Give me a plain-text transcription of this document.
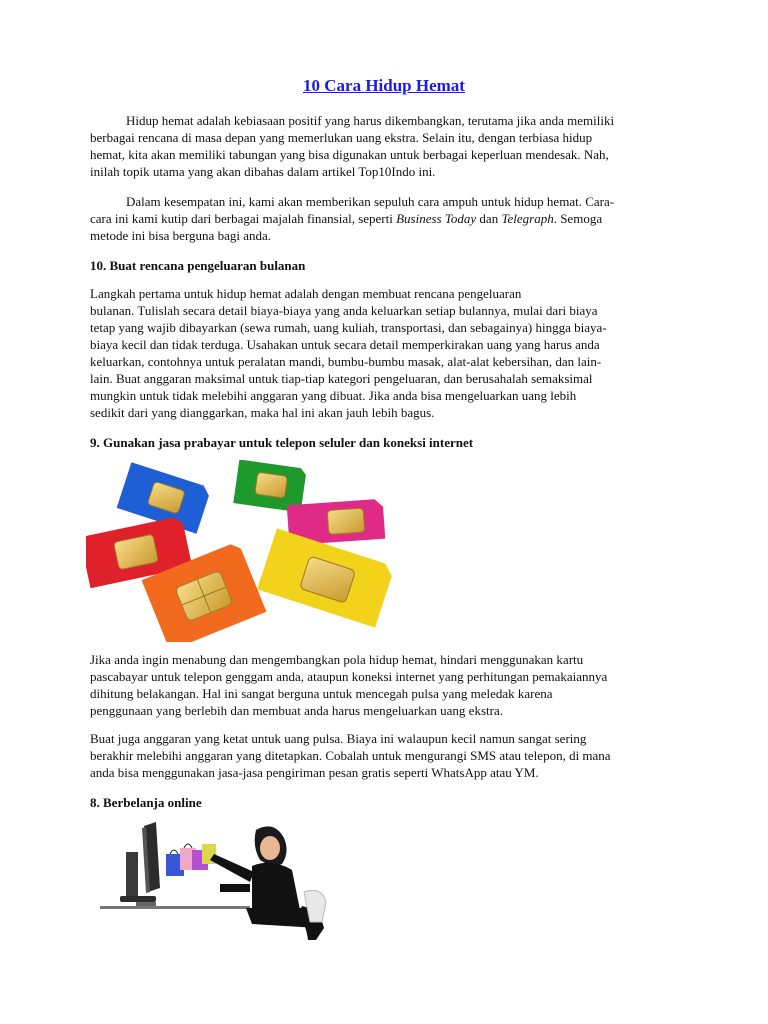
10 Cara Hidup Hemat
Hidup hemat adalah kebiasaan positif yang harus dikembangkan, terutama jika anda memiliki
berbagai rencana di masa depan yang memerlukan uang ekstra. Selain itu, dengan terbiasa hidup
hemat, kita akan memiliki tabungan yang bisa digunakan untuk berbagai keperluan mendesak. Nah,
inilah topik utama yang akan dibahas dalam artikel Top10Indo ini.
Dalam kesempatan ini, kami akan memberikan sepuluh cara ampuh untuk hidup hemat. Cara-
cara ini kami kutip dari berbagai majalah finansial, seperti Business Today dan Telegraph. Semoga
metode ini bisa berguna bagi anda.
10. Buat rencana pengeluaran bulanan
Langkah pertama untuk hidup hemat adalah dengan membuat rencana pengeluaran
bulanan. Tulislah secara detail biaya-biaya yang anda keluarkan setiap bulannya, mulai dari biaya
tetap yang wajib dibayarkan (sewa rumah, uang kuliah, transportasi, dan sebagainya) hingga biaya-
biaya kecil dan tidak terduga. Usahakan untuk secara detail memperkirakan uang yang harus anda
keluarkan, contohnya untuk peralatan mandi, bumbu-bumbu masak, alat-alat kebersihan, dan lain-
lain. Buat anggaran maksimal untuk tiap-tiap kategori pengeluaran, dan berusahalah semaksimal
mungkin untuk tidak melebihi anggaran yang dibuat. Jika anda bisa mengeluarkan uang lebih
sedikit dari yang dianggarkan, maka hal ini akan jauh lebih bagus.
9. Gunakan jasa prabayar untuk telepon seluler dan koneksi internet
Jika anda ingin menabung dan mengembangkan pola hidup hemat, hindari menggunakan kartu
pascabayar untuk telepon genggam anda, ataupun koneksi internet yang perhitungan pemakaiannya
dihitung belakangan. Hal ini sangat berguna untuk mencegah pulsa yang meledak karena
penggunaan yang berlebih dan membuat anda harus mengeluarkan uang ekstra.
Buat juga anggaran yang ketat untuk uang pulsa. Biaya ini walaupun kecil namun sangat sering
berakhir melebihi anggaran yang ditetapkan. Cobalah untuk mengurangi SMS atau telepon, di mana
anda bisa menggunakan jasa-jasa pengiriman pesan gratis seperti WhatsApp atau YM.
8. Berbelanja online
